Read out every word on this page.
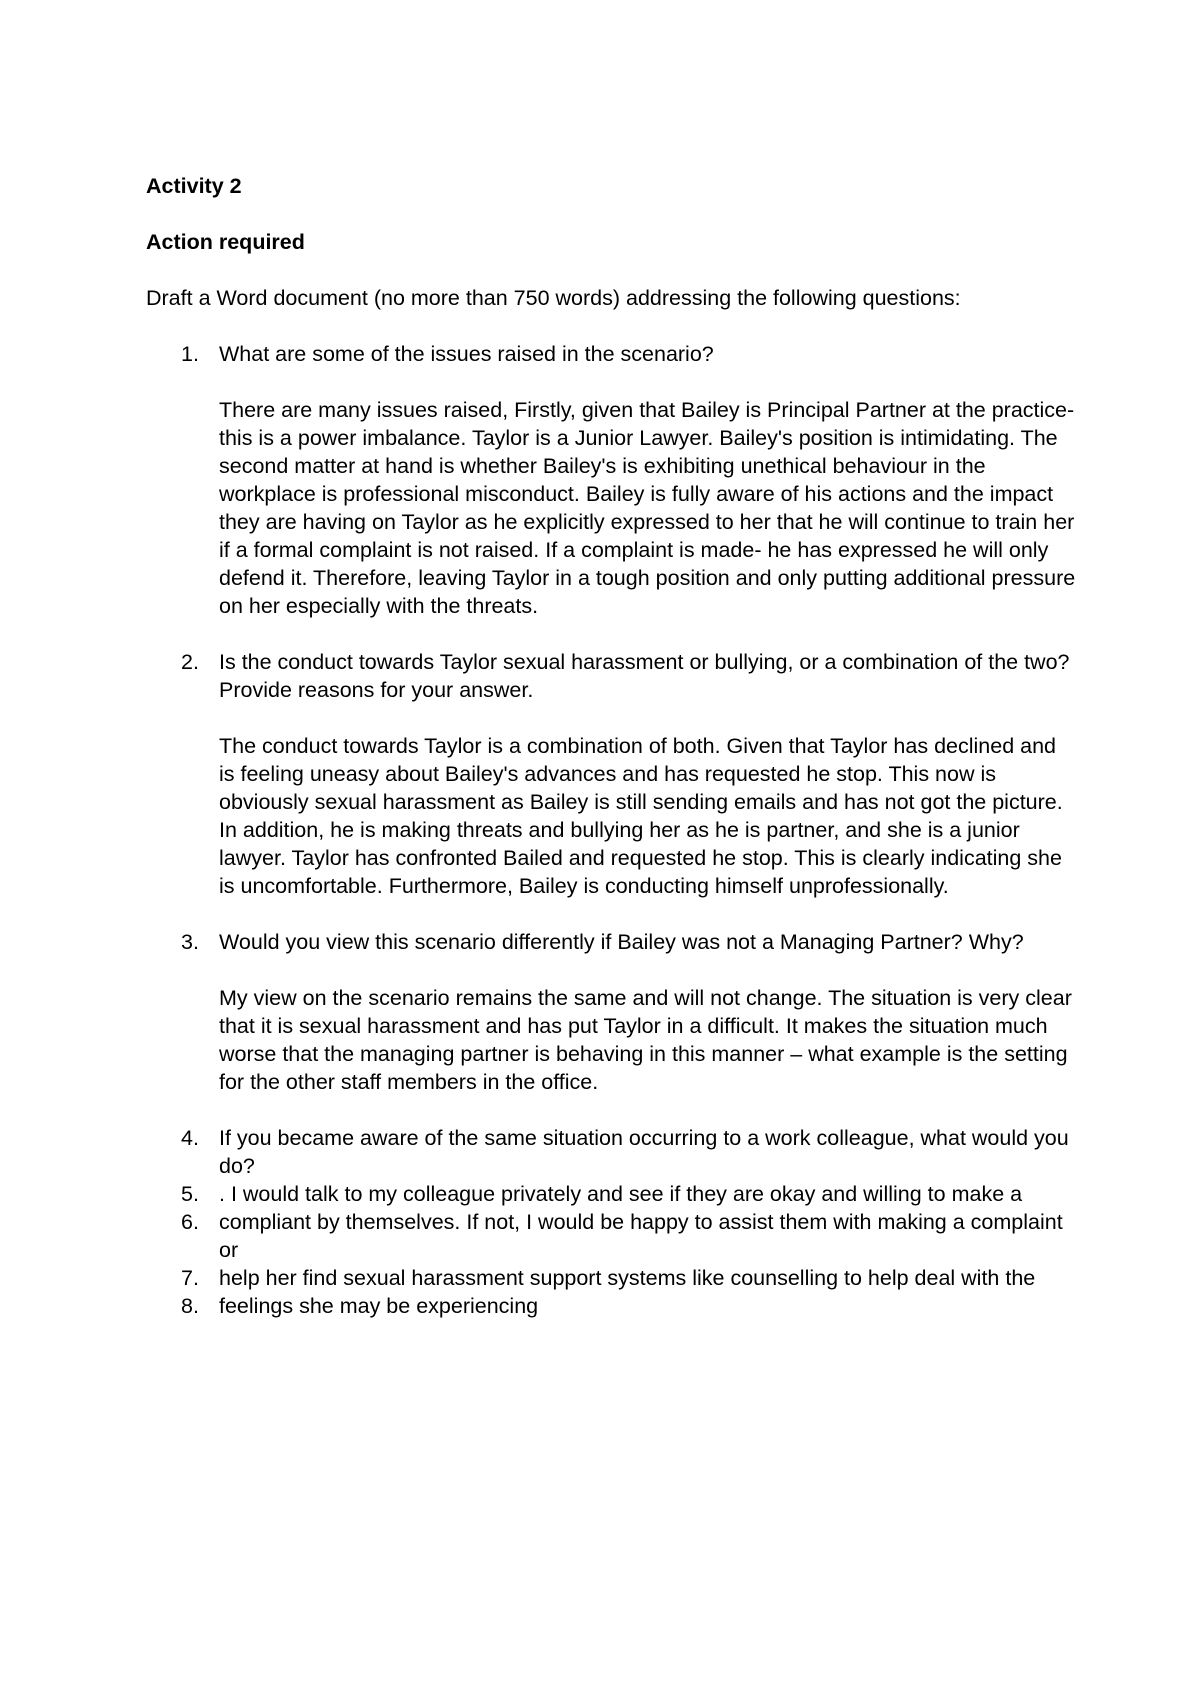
Activity 2

Action required

Draft a Word document (no more than 750 words) addressing the following questions:

1. What are some of the issues raised in the scenario?

There are many issues raised, Firstly, given that Bailey is Principal Partner at the practice- this is a power imbalance. Taylor is a Junior Lawyer. Bailey's position is intimidating. The second matter at hand is whether Bailey's is exhibiting unethical behaviour in the workplace is professional misconduct. Bailey is fully aware of his actions and the impact they are having on Taylor as he explicitly expressed to her that he will continue to train her if a formal complaint is not raised. If a complaint is made- he has expressed he will only defend it. Therefore, leaving Taylor in a tough position and only putting additional pressure on her especially with the threats.

2. Is the conduct towards Taylor sexual harassment or bullying, or a combination of the two? Provide reasons for your answer.

The conduct towards Taylor is a combination of both. Given that Taylor has declined and is feeling uneasy about Bailey's advances and has requested he stop. This now is obviously sexual harassment as Bailey is still sending emails and has not got the picture. In addition, he is making threats and bullying her as he is partner, and she is a junior lawyer. Taylor has confronted Bailed and requested he stop. This is clearly indicating she is uncomfortable. Furthermore, Bailey is conducting himself unprofessionally.

3. Would you view this scenario differently if Bailey was not a Managing Partner? Why?

My view on the scenario remains the same and will not change. The situation is very clear that it is sexual harassment and has put Taylor in a difficult. It makes the situation much worse that the managing partner is behaving in this manner – what example is the setting for the other staff members in the office.

4. If you became aware of the same situation occurring to a work colleague, what would you do?

5. . I would talk to my colleague privately and see if they are okay and willing to make a

6. compliant by themselves. If not, I would be happy to assist them with making a complaint or

7. help her find sexual harassment support systems like counselling to help deal with the

8. feelings she may be experiencing
